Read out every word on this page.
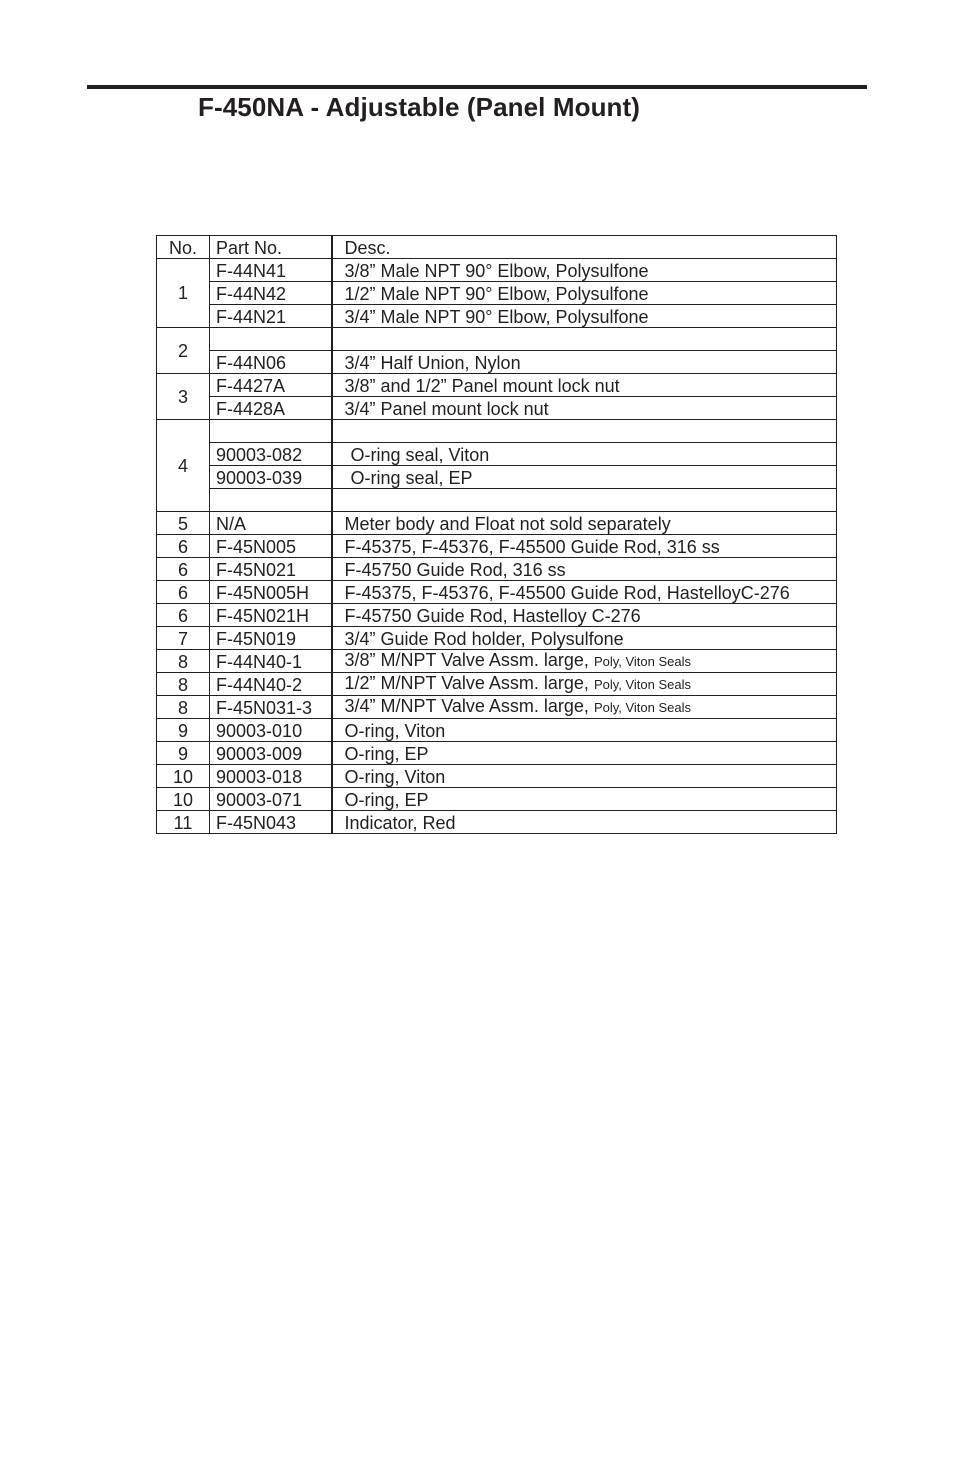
F-450NA - Adjustable (Panel Mount)
No.	Part No.	Desc.
1	F-44N41	3/8” Male NPT 90° Elbow, Polysulfone
	F-44N42	1/2” Male NPT 90° Elbow, Polysulfone
	F-44N21	3/4” Male NPT 90° Elbow, Polysulfone
2		
	F-44N06	3/4” Half Union, Nylon
3	F-4427A	3/8” and 1/2” Panel mount lock nut
	F-4428A	3/4” Panel mount lock nut
4		
	90003-082	O-ring seal, Viton
	90003-039	O-ring seal, EP

5	N/A	Meter body and Float not sold separately
6	F-45N005	F-45375, F-45376, F-45500 Guide Rod, 316 ss
6	F-45N021	F-45750 Guide Rod, 316 ss
6	F-45N005H	F-45375, F-45376, F-45500 Guide Rod, HastelloyC-276
6	F-45N021H	F-45750 Guide Rod, Hastelloy C-276
7	F-45N019	3/4” Guide Rod holder, Polysulfone
8	F-44N40-1	3/8” M/NPT Valve Assm. large, Poly, Viton Seals
8	F-44N40-2	1/2” M/NPT Valve Assm. large, Poly, Viton Seals
8	F-45N031-3	3/4” M/NPT Valve Assm. large, Poly, Viton Seals
9	90003-010	O-ring, Viton
9	90003-009	O-ring, EP
10	90003-018	O-ring, Viton
10	90003-071	O-ring, EP
11	F-45N043	Indicator, Red
